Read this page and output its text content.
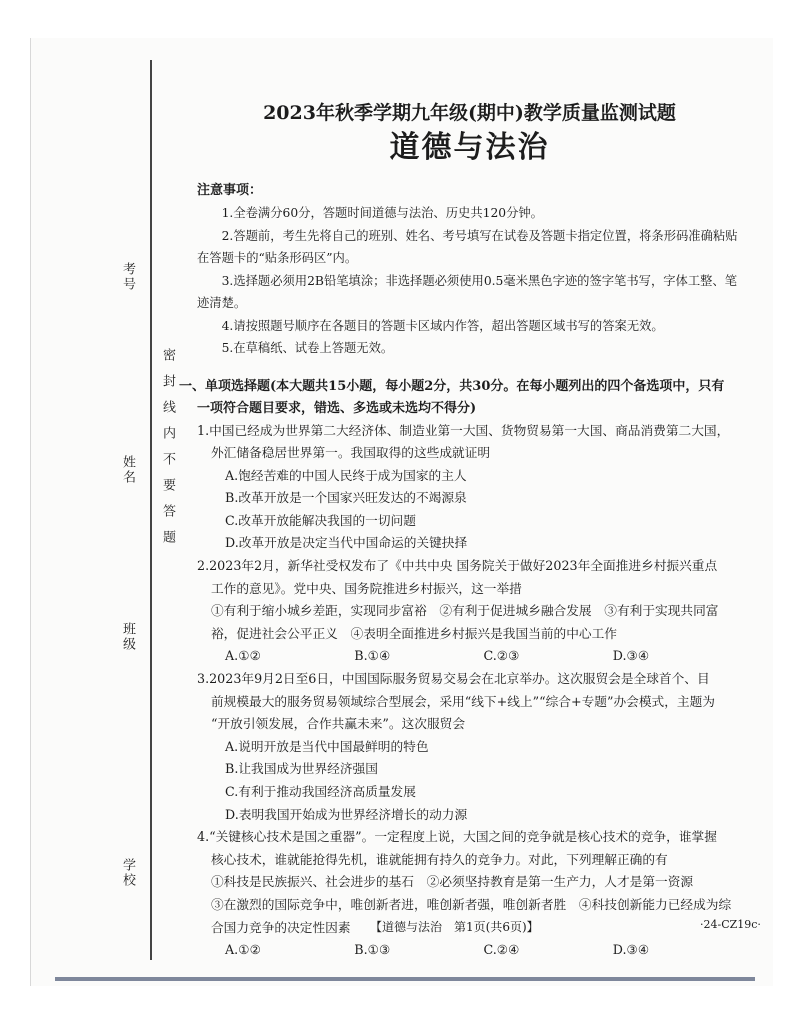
考号
姓名
班级
学校
密　封　线　内　不　要　答　题

2023年秋季学期九年级(期中)教学质量监测试题

道德与法治

注意事项：

1.全卷满分60分，答题时间道德与法治、历史共120分钟。

2.答题前，考生先将自己的班别、姓名、考号填写在试卷及答题卡指定位置，将条形码准确粘贴在答题卡的“贴条形码区”内。

3.选择题必须用2B铅笔填涂；非选择题必须使用0.5毫米黑色字迹的签字笔书写，字体工整、笔迹清楚。

4.请按照题号顺序在各题目的答题卡区域内作答，超出答题区域书写的答案无效。

5.在草稿纸、试卷上答题无效。

一、单项选择题(本大题共15小题，每小题2分，共30分。在每小题列出的四个备选项中，只有

一项符合题目要求，错选、多选或未选均不得分)

1.中国已经成为世界第二大经济体、制造业第一大国、货物贸易第一大国、商品消费第二大国，

外汇储备稳居世界第一。我国取得的这些成就证明

A.饱经苦难的中国人民终于成为国家的主人

B.改革开放是一个国家兴旺发达的不竭源泉

C.改革开放能解决我国的一切问题

D.改革开放是决定当代中国命运的关键抉择

2.2023年2月，新华社受权发布了《中共中央 国务院关于做好2023年全面推进乡村振兴重点

工作的意见》。党中央、国务院推进乡村振兴，这一举措

①有利于缩小城乡差距，实现同步富裕　②有利于促进城乡融合发展　③有利于实现共同富

裕，促进社会公平正义　④表明全面推进乡村振兴是我国当前的中心工作

A.①②	B.①④	C.②③	D.③④

3.2023年9月2日至6日，中国国际服务贸易交易会在北京举办。这次服贸会是全球首个、目

前规模最大的服务贸易领域综合型展会，采用“线下+线上”“综合+专题”办会模式，主题为

“开放引领发展，合作共赢未来”。这次服贸会

A.说明开放是当代中国最鲜明的特色

B.让我国成为世界经济强国

C.有利于推动我国经济高质量发展

D.表明我国开始成为世界经济增长的动力源

4.“关键核心技术是国之重器”。一定程度上说，大国之间的竞争就是核心技术的竞争，谁掌握

核心技术，谁就能抢得先机，谁就能拥有持久的竞争力。对此，下列理解正确的有

①科技是民族振兴、社会进步的基石　②必须坚持教育是第一生产力，人才是第一资源

③在激烈的国际竞争中，唯创新者进，唯创新者强，唯创新者胜　④科技创新能力已经成为综

合国力竞争的决定性因素

A.①②	B.①③	C.②④	D.③④
【道德与法治　第1页(共6页)】	·24-CZ19c·
